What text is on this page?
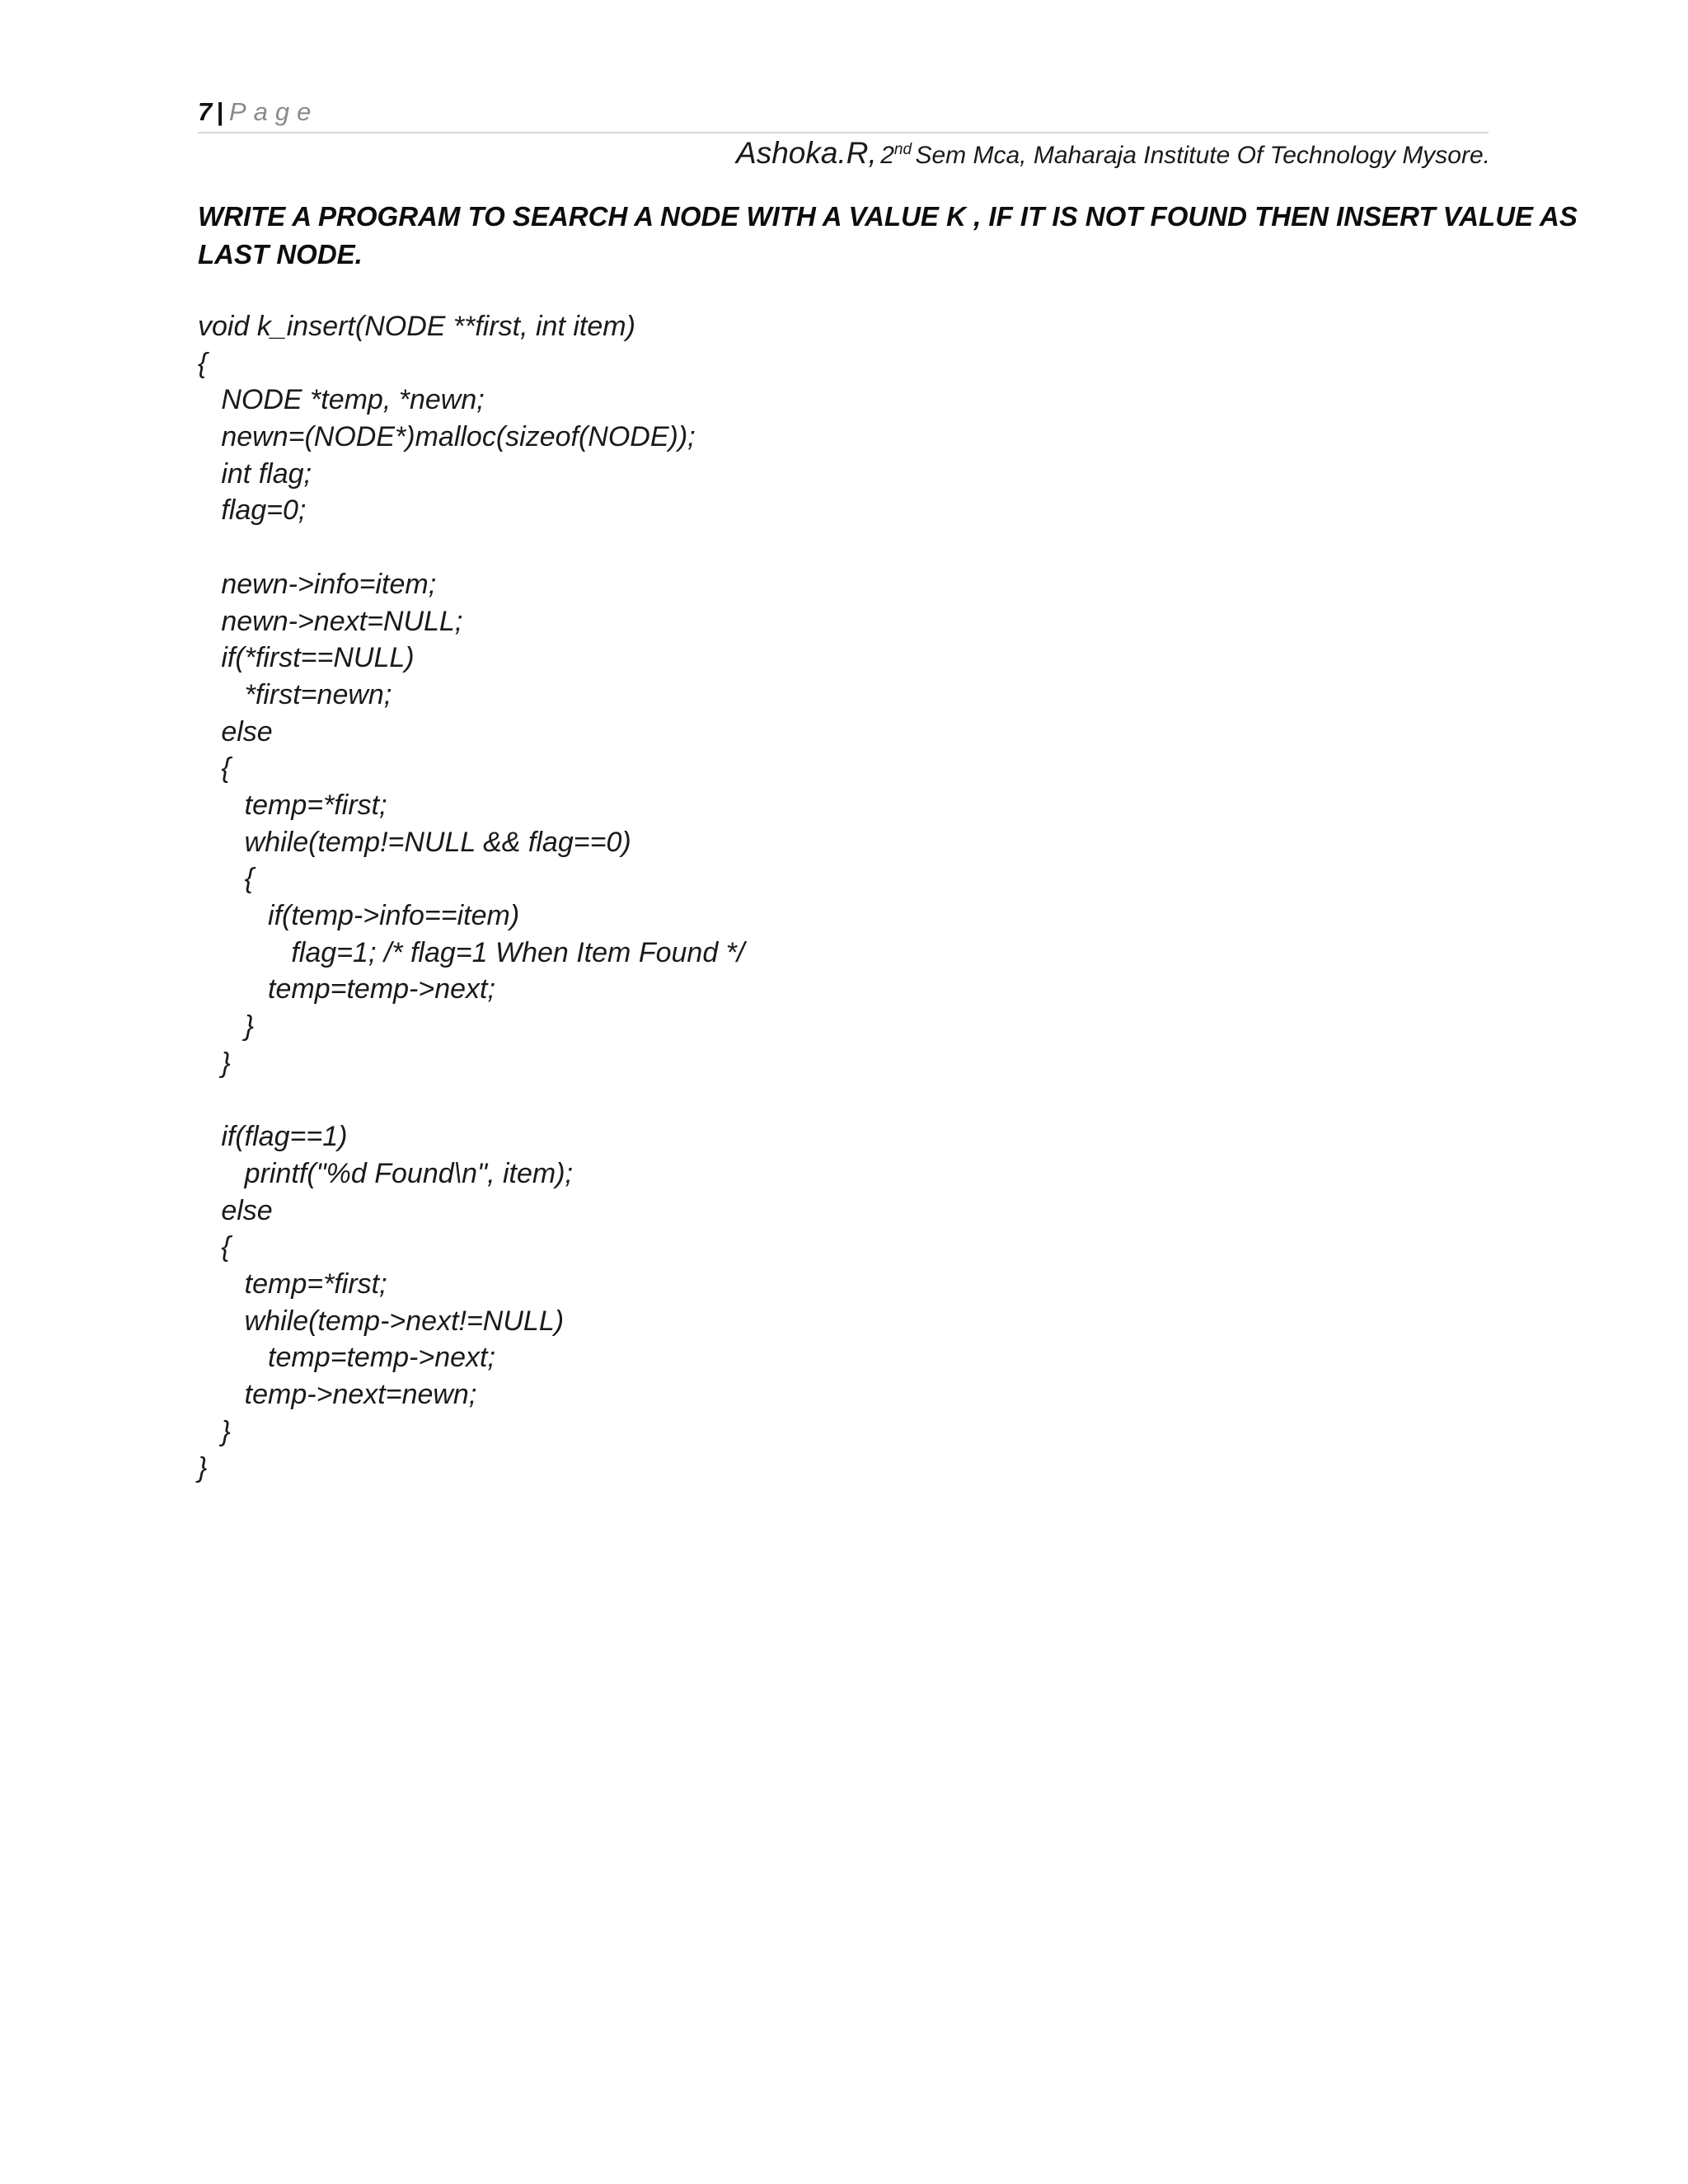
7 | Page
Ashoka.R, 2nd Sem Mca, Maharaja Institute Of Technology Mysore.
WRITE A PROGRAM TO SEARCH A NODE WITH A VALUE K , IF IT IS NOT FOUND THEN INSERT VALUE AS
LAST NODE.
void k_insert(NODE **first, int item)
{
NODE *temp, *newn;
newn=(NODE*)malloc(sizeof(NODE));
int flag;
flag=0;
newn->info=item;
newn->next=NULL;
if(*first==NULL)
*first=newn;
else
{
temp=*first;
while(temp!=NULL && flag==0)
{
if(temp->info==item)
flag=1; /* flag=1 When Item Found */
temp=temp->next;
}
}
if(flag==1)
printf("%d Found\n", item);
else
{
temp=*first;
while(temp->next!=NULL)
temp=temp->next;
temp->next=newn;
}
}
